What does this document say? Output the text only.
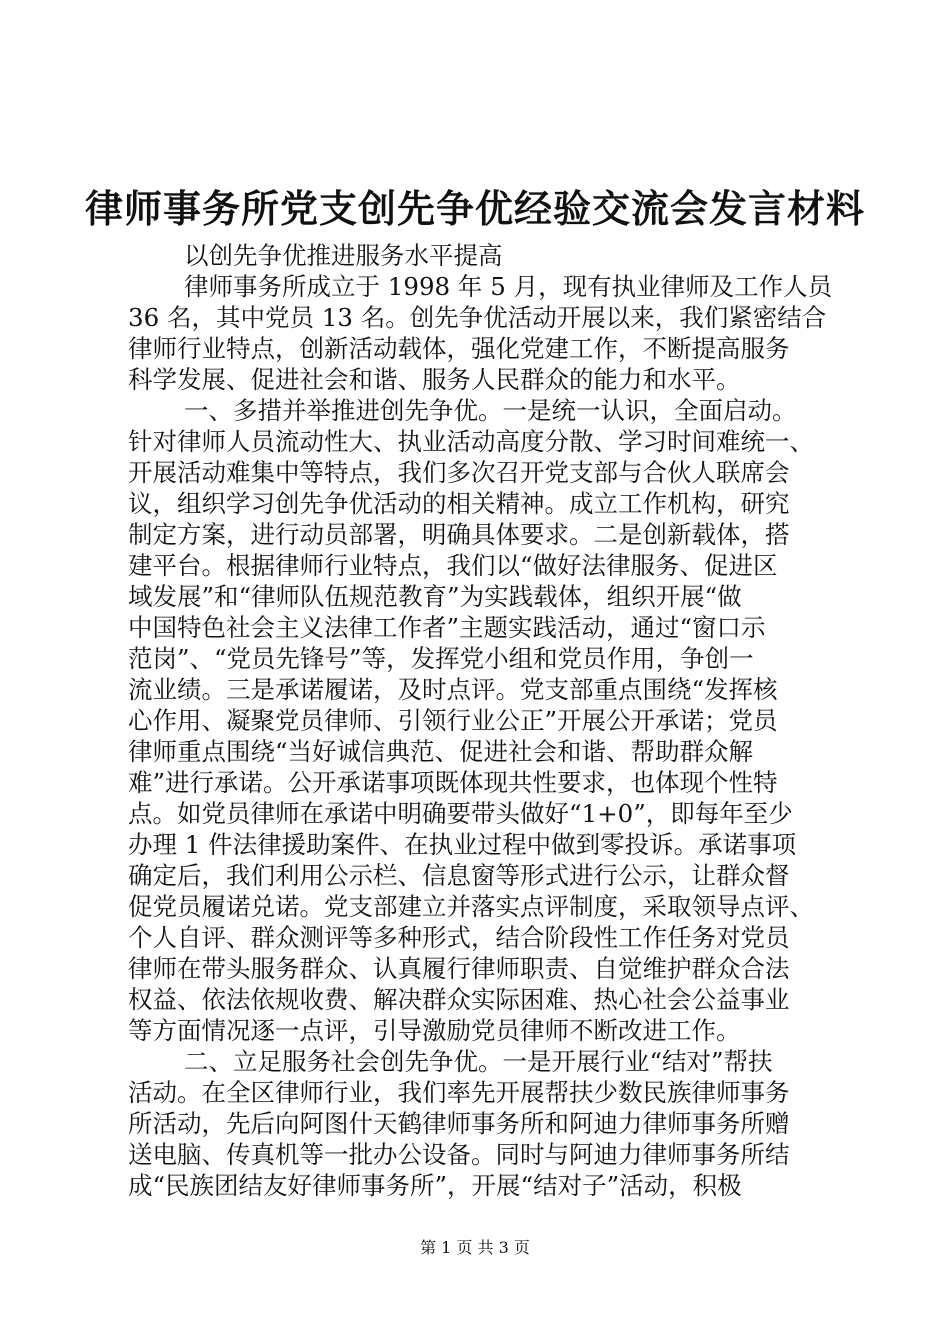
律师事务所党支创先争优经验交流会发言材料
以创先争优推进服务水平提高
律师事务所成立于 1998 年 5 月，现有执业律师及工作人员
36 名，其中党员 13 名。创先争优活动开展以来，我们紧密结合
律师行业特点，创新活动载体，强化党建工作，不断提高服务
科学发展、促进社会和谐、服务人民群众的能力和水平。
一、多措并举推进创先争优。一是统一认识，全面启动。
针对律师人员流动性大、执业活动高度分散、学习时间难统一、
开展活动难集中等特点，我们多次召开党支部与合伙人联席会
议，组织学习创先争优活动的相关精神。成立工作机构，研究
制定方案，进行动员部署，明确具体要求。二是创新载体，搭
建平台。根据律师行业特点，我们以“做好法律服务、促进区
域发展”和“律师队伍规范教育”为实践载体，组织开展“做
中国特色社会主义法律工作者”主题实践活动，通过“窗口示
范岗”、“党员先锋号”等，发挥党小组和党员作用，争创一
流业绩。三是承诺履诺，及时点评。党支部重点围绕“发挥核
心作用、凝聚党员律师、引领行业公正”开展公开承诺；党员
律师重点围绕“当好诚信典范、促进社会和谐、帮助群众解
难”进行承诺。公开承诺事项既体现共性要求，也体现个性特
点。如党员律师在承诺中明确要带头做好“1+0”，即每年至少
办理 1 件法律援助案件、在执业过程中做到零投诉。承诺事项
确定后，我们利用公示栏、信息窗等形式进行公示，让群众督
促党员履诺兑诺。党支部建立并落实点评制度，采取领导点评、
个人自评、群众测评等多种形式，结合阶段性工作任务对党员
律师在带头服务群众、认真履行律师职责、自觉维护群众合法
权益、依法依规收费、解决群众实际困难、热心社会公益事业
等方面情况逐一点评，引导激励党员律师不断改进工作。
二、立足服务社会创先争优。一是开展行业“结对”帮扶
活动。在全区律师行业，我们率先开展帮扶少数民族律师事务
所活动，先后向阿图什天鹤律师事务所和阿迪力律师事务所赠
送电脑、传真机等一批办公设备。同时与阿迪力律师事务所结
成“民族团结友好律师事务所”，开展“结对子”活动，积极
第 1 页 共 3 页
